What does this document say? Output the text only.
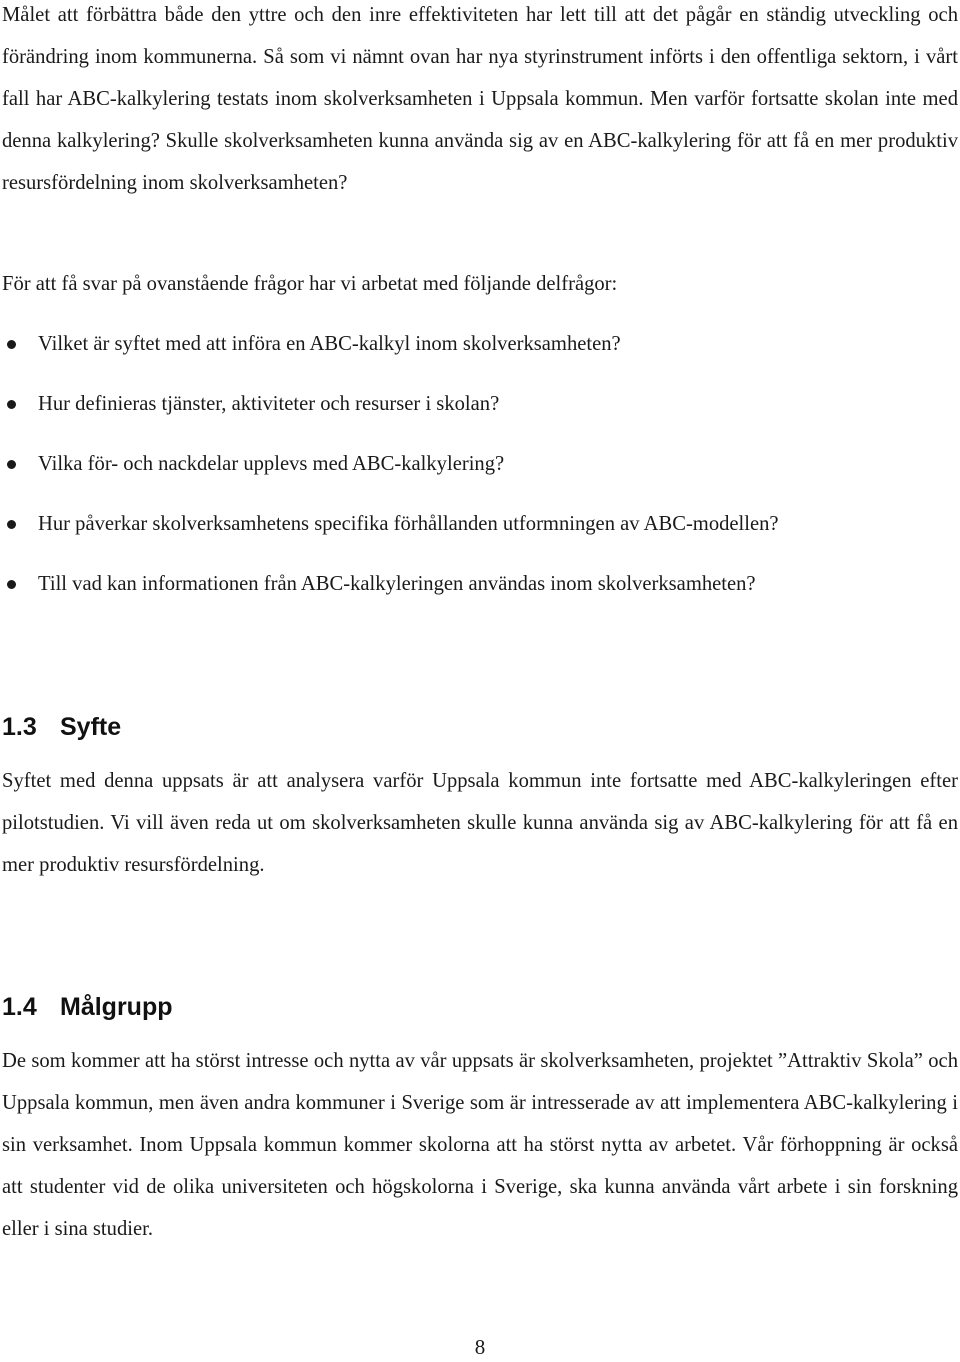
Målet att förbättra både den yttre och den inre effektiviteten har lett till att det pågår en ständig utveckling och förändring inom kommunerna. Så som vi nämnt ovan har nya styrinstrument införts i den offentliga sektorn, i vårt fall har ABC-kalkylering testats inom skolverksamheten i Uppsala kommun. Men varför fortsatte skolan inte med denna kalkylering? Skulle skolverksamheten kunna använda sig av en ABC-kalkylering för att få en mer produktiv resursfördelning inom skolverksamheten?

För att få svar på ovanstående frågor har vi arbetat med följande delfrågor:

Vilket är syftet med att införa en ABC-kalkyl inom skolverksamheten?
Hur definieras tjänster, aktiviteter och resurser i skolan?
Vilka för- och nackdelar upplevs med ABC-kalkylering?
Hur påverkar skolverksamhetens specifika förhållanden utformningen av ABC-modellen?
Till vad kan informationen från ABC-kalkyleringen användas inom skolverksamheten?
1.3 Syfte

Syftet med denna uppsats är att analysera varför Uppsala kommun inte fortsatte med ABC-kalkyleringen efter pilotstudien. Vi vill även reda ut om skolverksamheten skulle kunna använda sig av ABC-kalkylering för att få en mer produktiv resursfördelning.

1.4 Målgrupp

De som kommer att ha störst intresse och nytta av vår uppsats är skolverksamheten, projektet ”Attraktiv Skola” och Uppsala kommun, men även andra kommuner i Sverige som är intresserade av att implementera ABC-kalkylering i sin verksamhet. Inom Uppsala kommun kommer skolorna att ha störst nytta av arbetet. Vår förhoppning är också att studenter vid de olika universiteten och högskolorna i Sverige, ska kunna använda vårt arbete i sin forskning eller i sina studier.

8
